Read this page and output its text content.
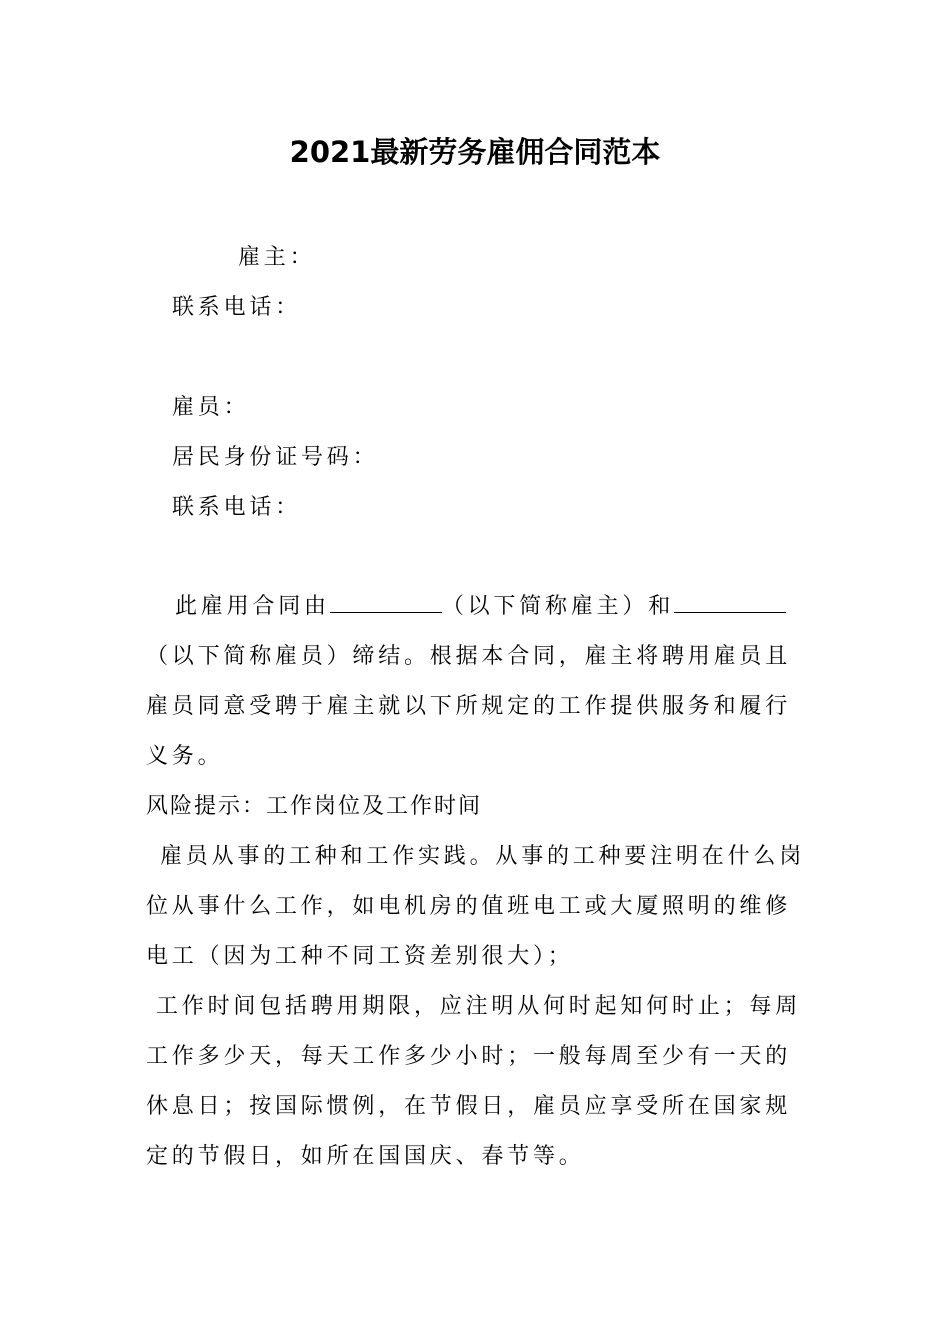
2021最新劳务雇佣合同范本
雇主：
联系电话：
雇员：
居民身份证号码：
联系电话：
此雇用合同由	（以下简称雇主）和
（以下简称雇员）缔结。根据本合同，雇主将聘用雇员且
雇员同意受聘于雇主就以下所规定的工作提供服务和履行
义务。
风险提示：工作岗位及工作时间
雇员从事的工种和工作实践。从事的工种要注明在什么岗
位从事什么工作，如电机房的值班电工或大厦照明的维修
电工（因为工种不同工资差别很大）；
工作时间包括聘用期限，应注明从何时起知何时止；每周
工作多少天，每天工作多少小时；一般每周至少有一天的
休息日；按国际惯例，在节假日，雇员应享受所在国家规
定的节假日，如所在国国庆、春节等。
